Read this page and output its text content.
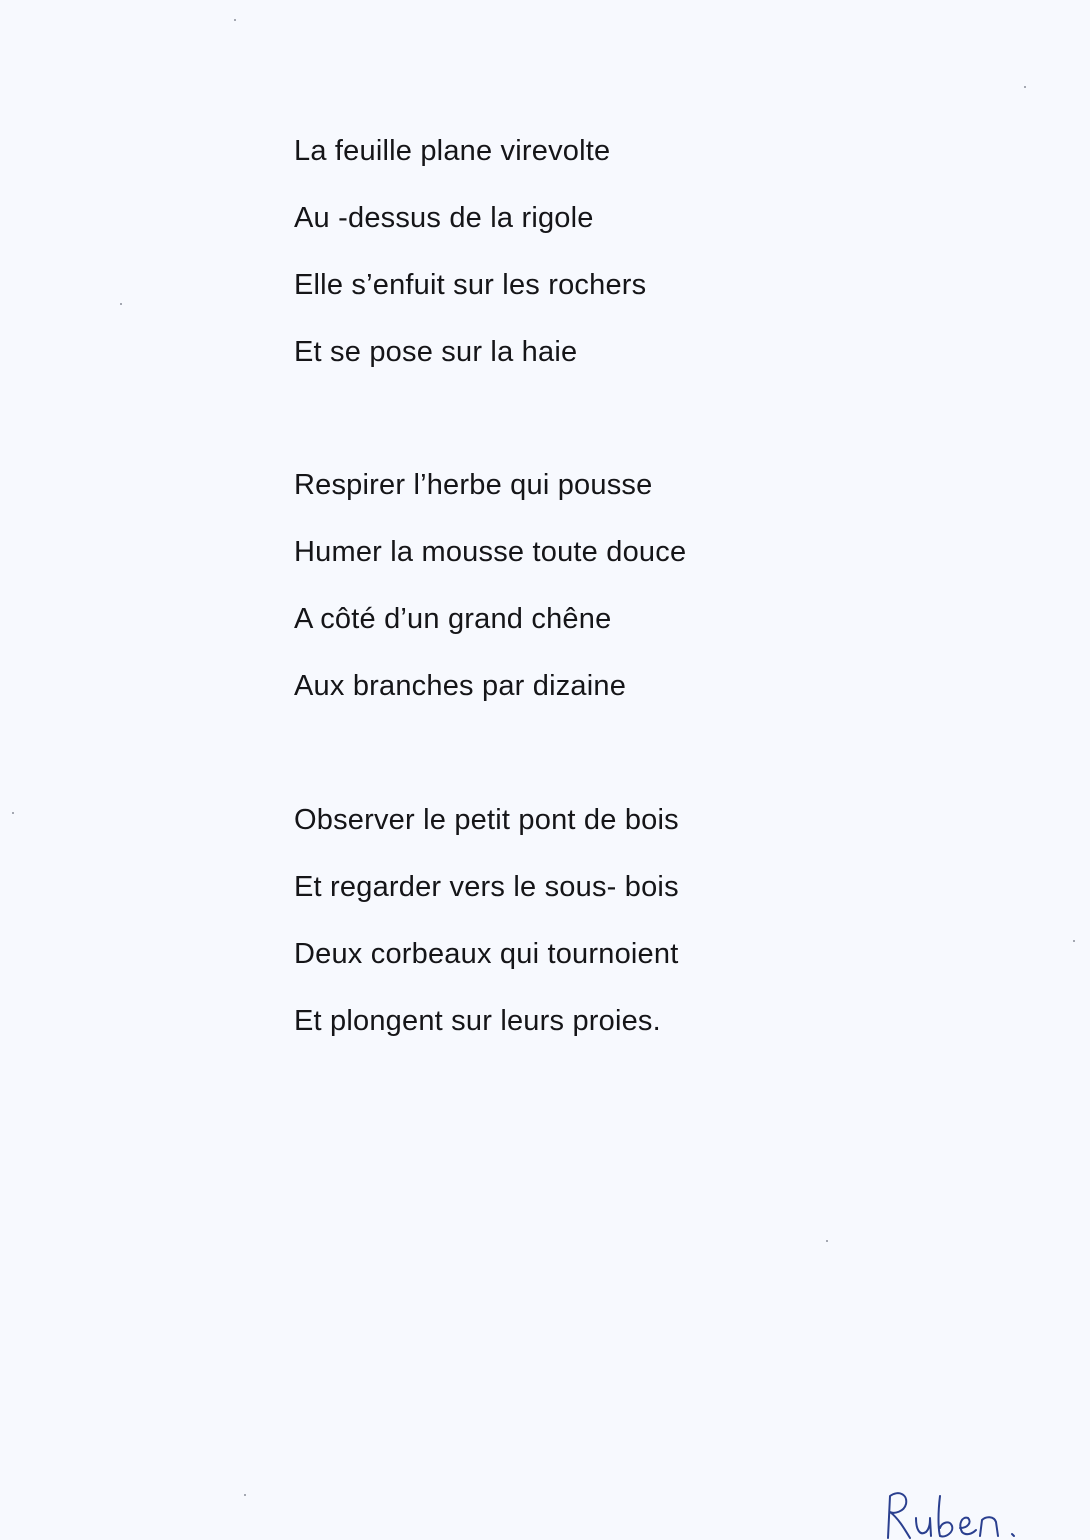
La feuille plane virevolte
Au -dessus de la rigole
Elle s’enfuit sur les rochers
Et se pose sur la haie
Respirer l’herbe qui pousse
Humer la mousse toute douce
A côté d’un grand chêne
Aux branches par dizaine
Observer le petit pont de bois
Et regarder vers le sous- bois
Deux corbeaux qui tournoient
Et plongent sur leurs proies.
